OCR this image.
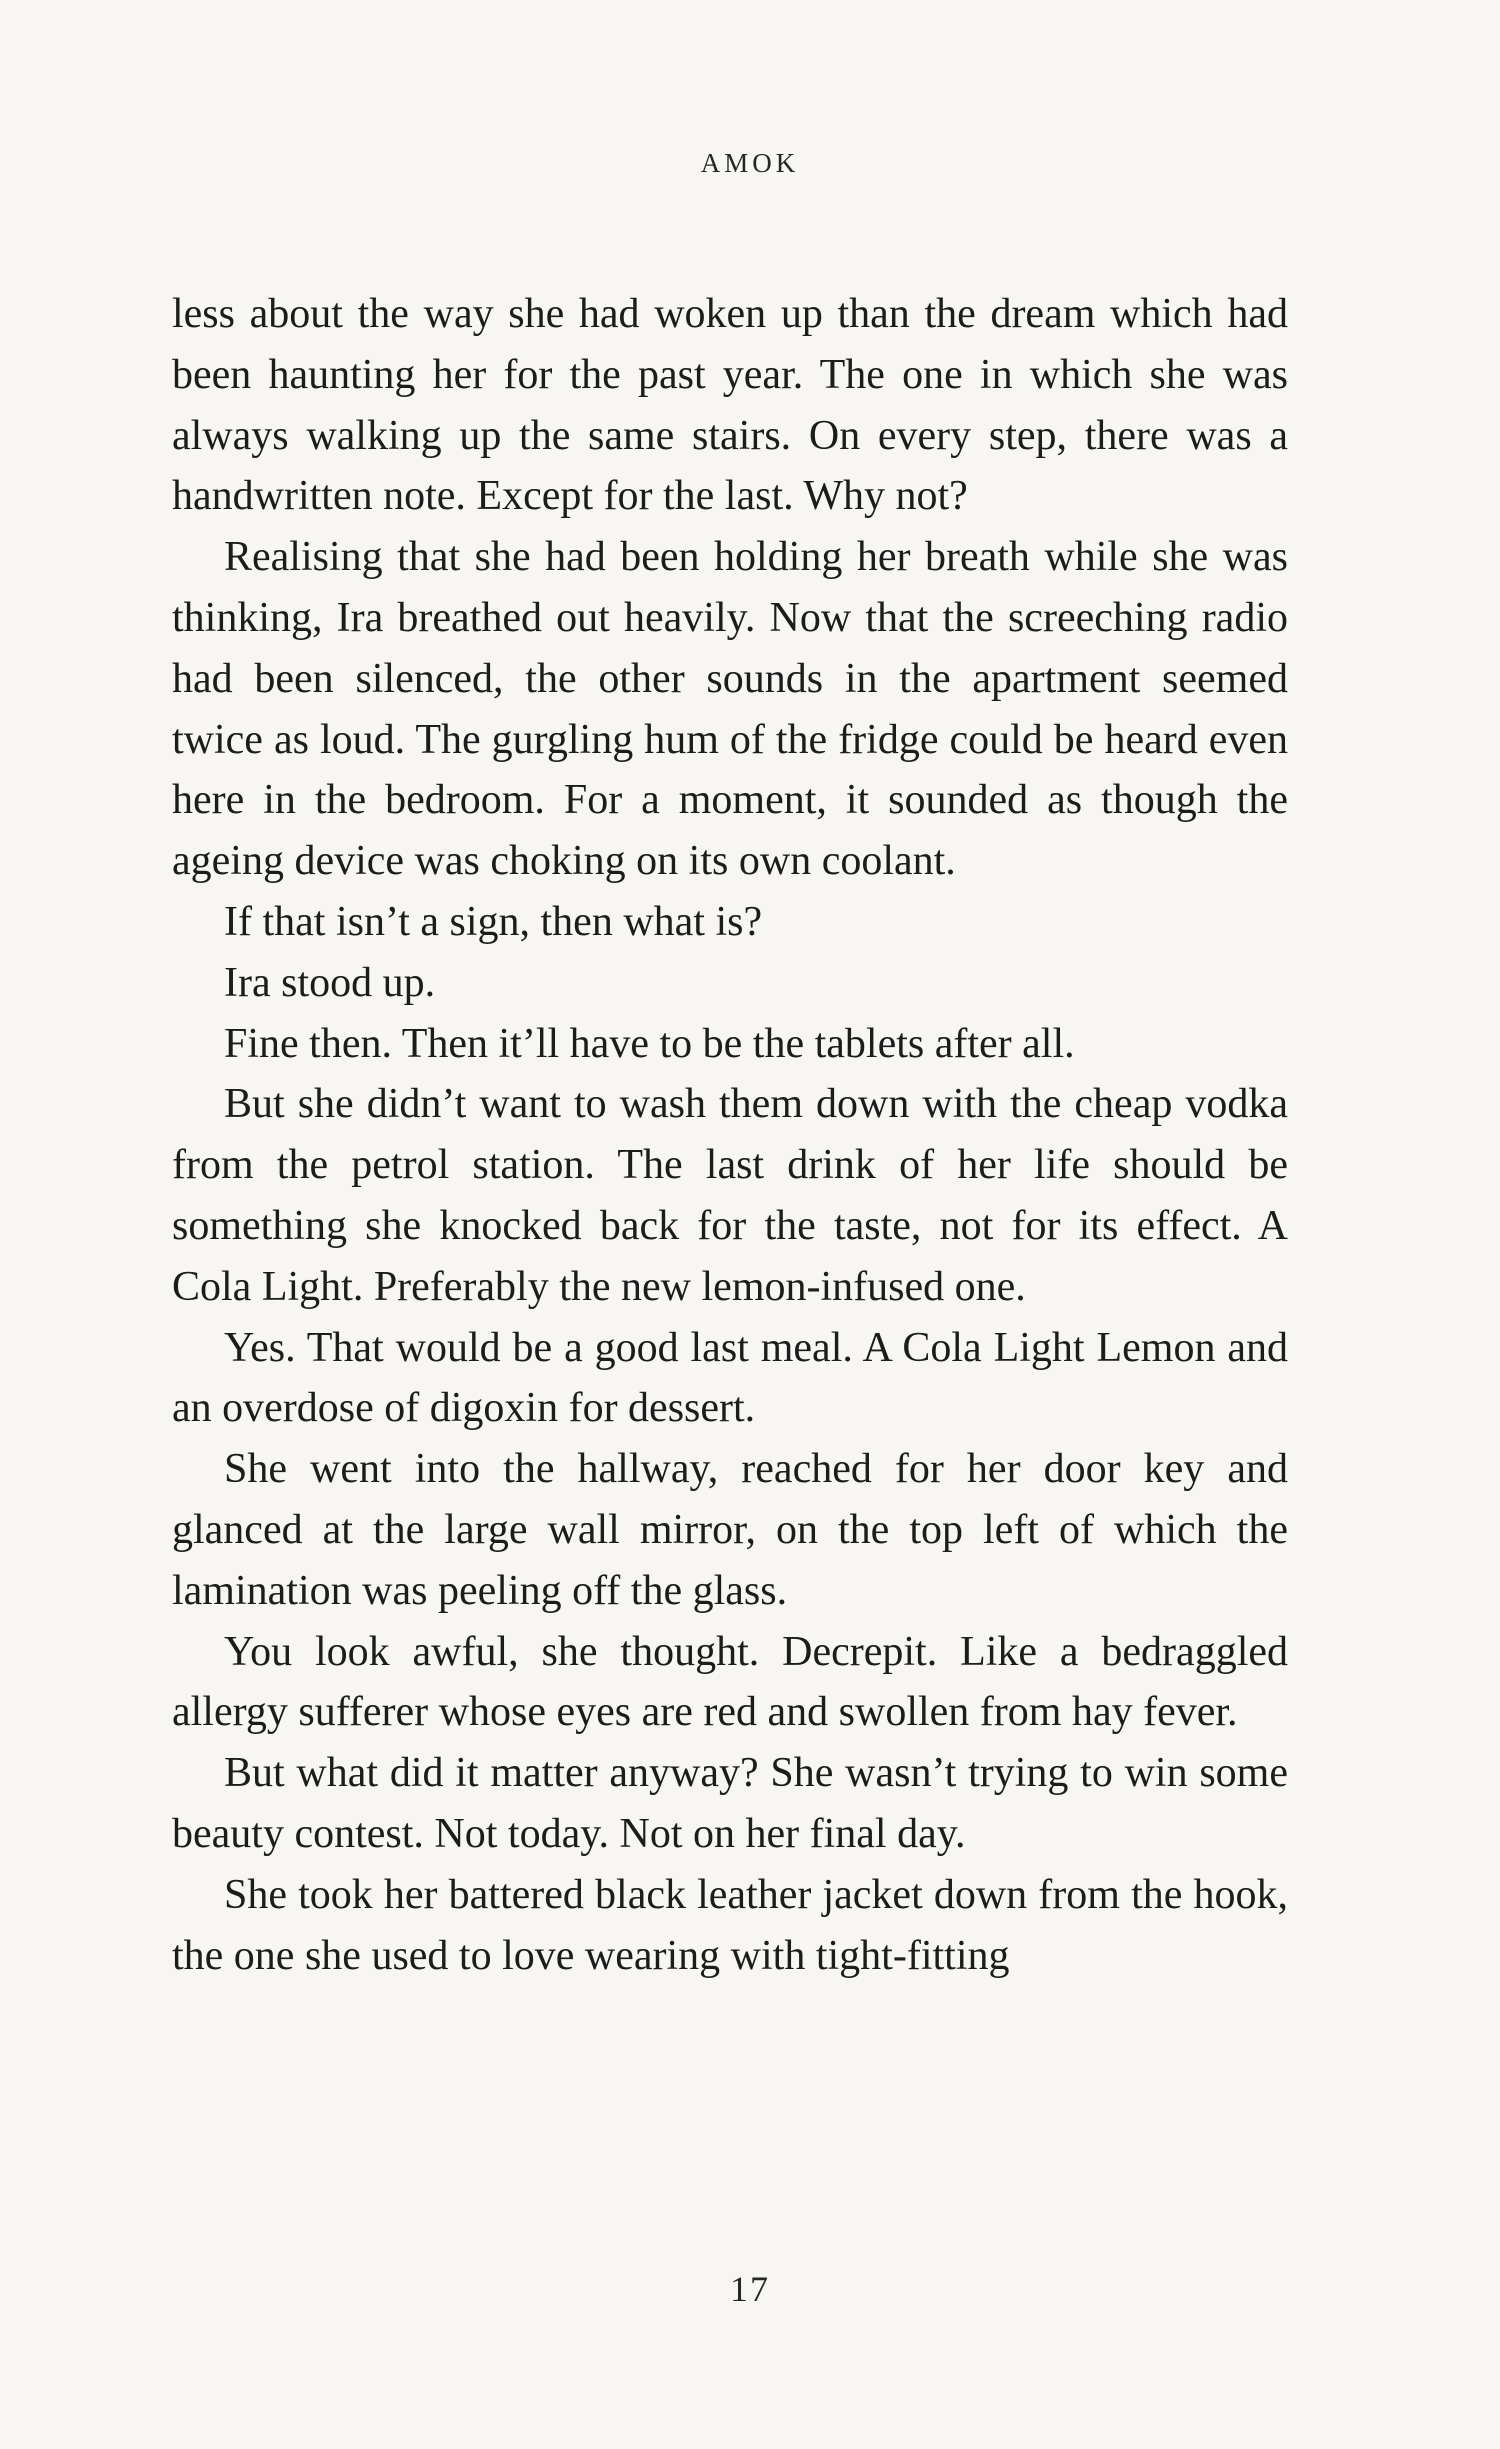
AMOK

less about the way she had woken up than the dream which had been haunting her for the past year. The one in which she was always walking up the same stairs. On every step, there was a handwritten note. Except for the last. Why not?

Realising that she had been holding her breath while she was thinking, Ira breathed out heavily. Now that the screeching radio had been silenced, the other sounds in the apartment seemed twice as loud. The gurgling hum of the fridge could be heard even here in the bedroom. For a moment, it sounded as though the ageing device was choking on its own coolant.

If that isn’t a sign, then what is?

Ira stood up.

Fine then. Then it’ll have to be the tablets after all.

But she didn’t want to wash them down with the cheap vodka from the petrol station. The last drink of her life should be something she knocked back for the taste, not for its effect. A Cola Light. Preferably the new lemon-infused one.

Yes. That would be a good last meal. A Cola Light Lemon and an overdose of digoxin for dessert.

She went into the hallway, reached for her door key and glanced at the large wall mirror, on the top left of which the lamination was peeling off the glass.

You look awful, she thought. Decrepit. Like a bedraggled allergy sufferer whose eyes are red and swollen from hay fever.

But what did it matter anyway? She wasn’t trying to win some beauty contest. Not today. Not on her final day.

She took her battered black leather jacket down from the hook, the one she used to love wearing with tight-fitting

17
